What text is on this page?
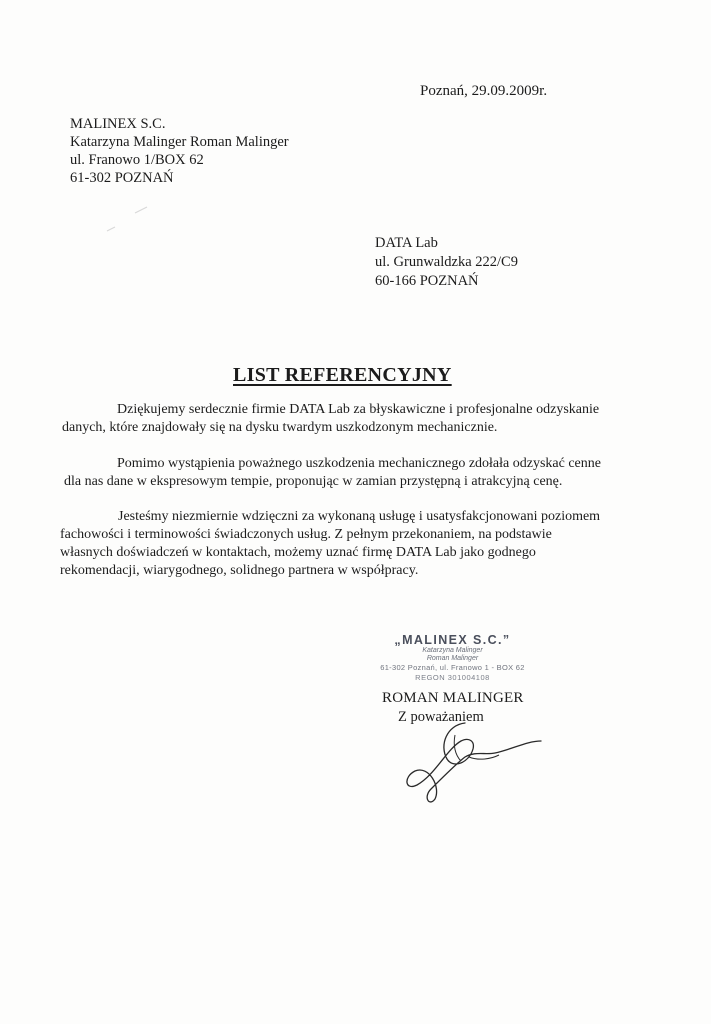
Poznań, 29.09.2009r.
MALINEX S.C.
Katarzyna Malinger Roman Malinger
ul. Franowo 1/BOX 62
61-302 POZNAŃ
DATA Lab
ul. Grunwaldzka 222/C9
60-166 POZNAŃ
LIST REFERENCYJNY
Dziękujemy serdecznie firmie DATA Lab za błyskawiczne i profesjonalne odzyskanie
danych, które znajdowały się na dysku twardym uszkodzonym mechanicznie.
Pomimo wystąpienia poważnego uszkodzenia mechanicznego zdołała odzyskać cenne
dla nas dane w ekspresowym tempie, proponując w zamian przystępną i atrakcyjną cenę.
Jesteśmy niezmiernie wdzięczni za wykonaną usługę i usatysfakcjonowani poziomem
fachowości i terminowości świadczonych usług. Z pełnym przekonaniem, na podstawie
własnych doświadczeń w kontaktach, możemy uznać firmę DATA Lab jako godnego
rekomendacji, wiarygodnego, solidnego partnera w współpracy.
„MALINEX S.C.”
Katarzyna Malinger
Roman Malinger
61-302 Poznań, ul. Franowo 1 - BOX 62
REGON 301004108
ROMAN MALINGER
Z poważaniem
